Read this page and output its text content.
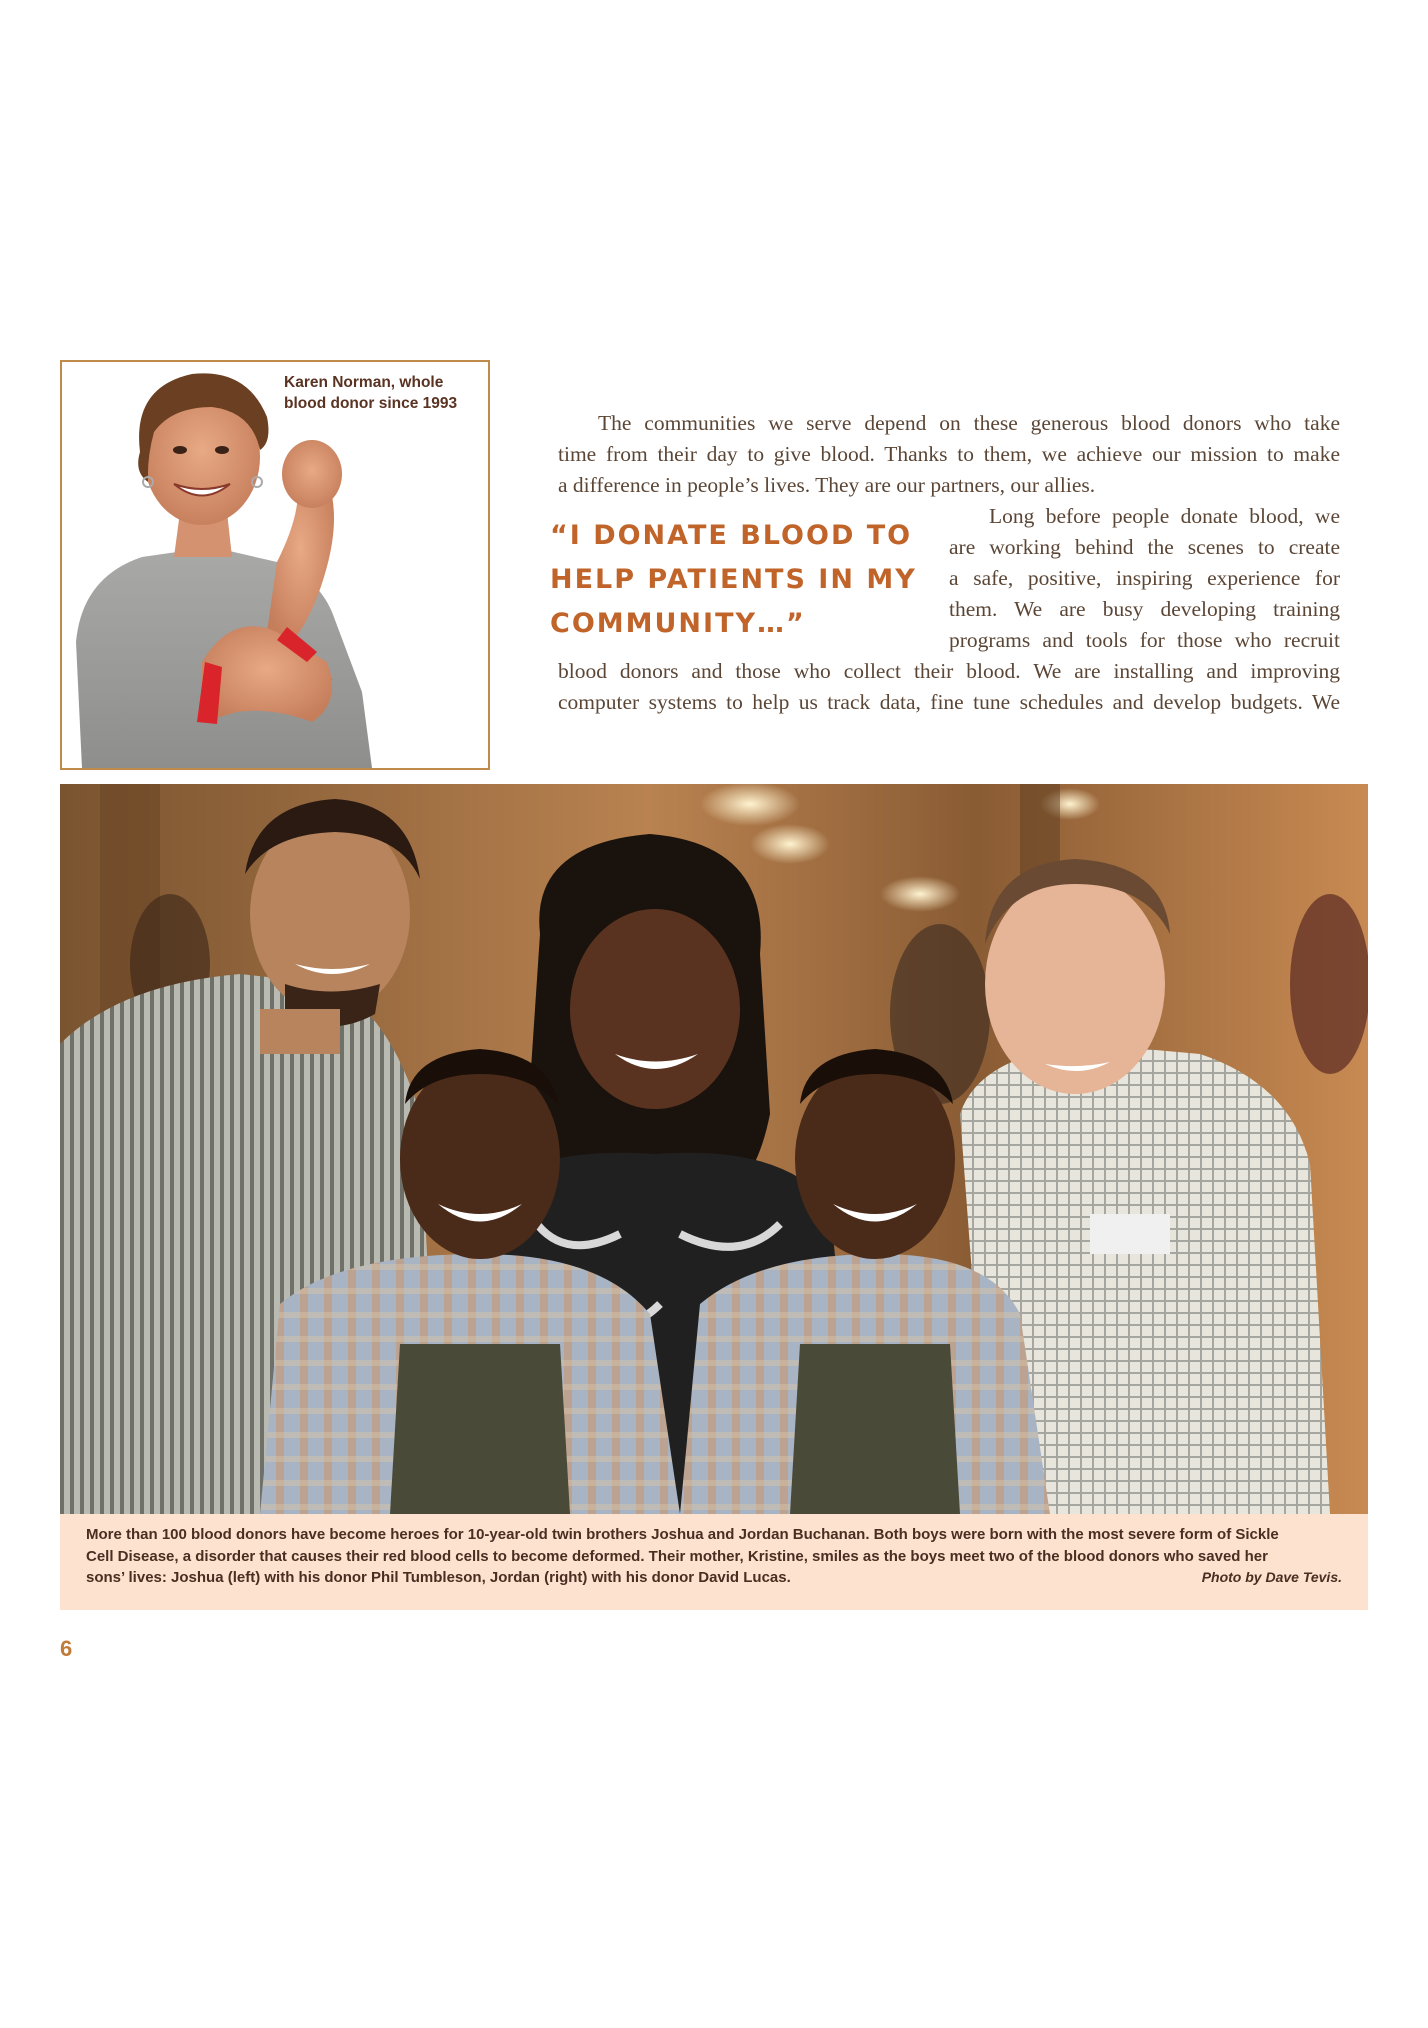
Karen Norman, whole
blood donor since 1993
The communities we serve depend on these generous blood donors who take
time from their day to give blood. Thanks to them, we achieve our mission to make
a difference in people’s lives. They are our partners, our allies.
Long before people donate blood, we
are working behind the scenes to create
a safe, positive, inspiring experience for
them. We are busy developing training
programs and tools for those who recruit
blood donors and those who collect their blood. We are installing and improving
computer systems to help us track data, fine tune schedules and develop budgets. We
“I DONATE BLOOD TO
HELP PATIENTS IN MY
COMMUNITY…”
More than 100 blood donors have become heroes for 10-year-old twin brothers Joshua and Jordan Buchanan. Both boys were born with the most severe form of Sickle
Cell Disease, a disorder that causes their red blood cells to become deformed. Their mother, Kristine, smiles as the boys meet two of the blood donors who saved her
sons’ lives: Joshua (left) with his donor Phil Tumbleson, Jordan (right) with his donor David Lucas.	Photo by Dave Tevis.
6
